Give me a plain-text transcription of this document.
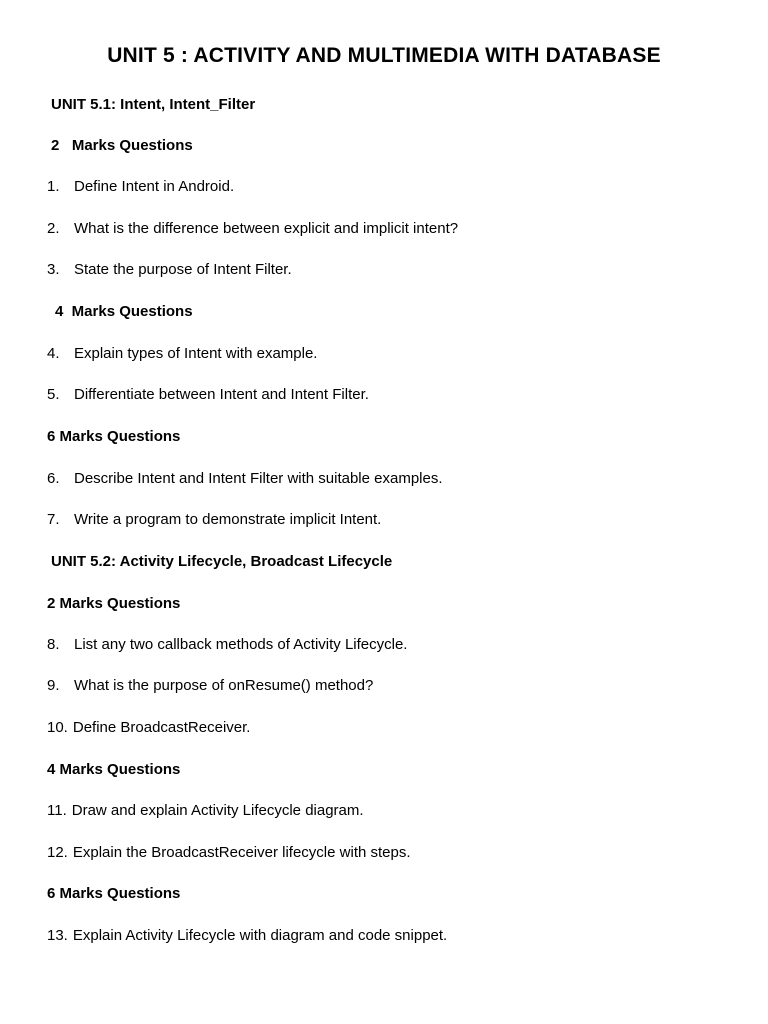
UNIT 5 : ACTIVITY AND MULTIMEDIA WITH DATABASE
UNIT 5.1: Intent, Intent_Filter
2   Marks Questions
1. Define Intent in Android.
2. What is the difference between explicit and implicit intent?
3. State the purpose of Intent Filter.
4  Marks Questions
4. Explain types of Intent with example.
5. Differentiate between Intent and Intent Filter.
6 Marks Questions
6. Describe Intent and Intent Filter with suitable examples.
7. Write a program to demonstrate implicit Intent.
UNIT 5.2: Activity Lifecycle, Broadcast Lifecycle
2 Marks Questions
8. List any two callback methods of Activity Lifecycle.
9. What is the purpose of onResume() method?
10. Define BroadcastReceiver.
4 Marks Questions
11. Draw and explain Activity Lifecycle diagram.
12. Explain the BroadcastReceiver lifecycle with steps.
6 Marks Questions
13. Explain Activity Lifecycle with diagram and code snippet.
